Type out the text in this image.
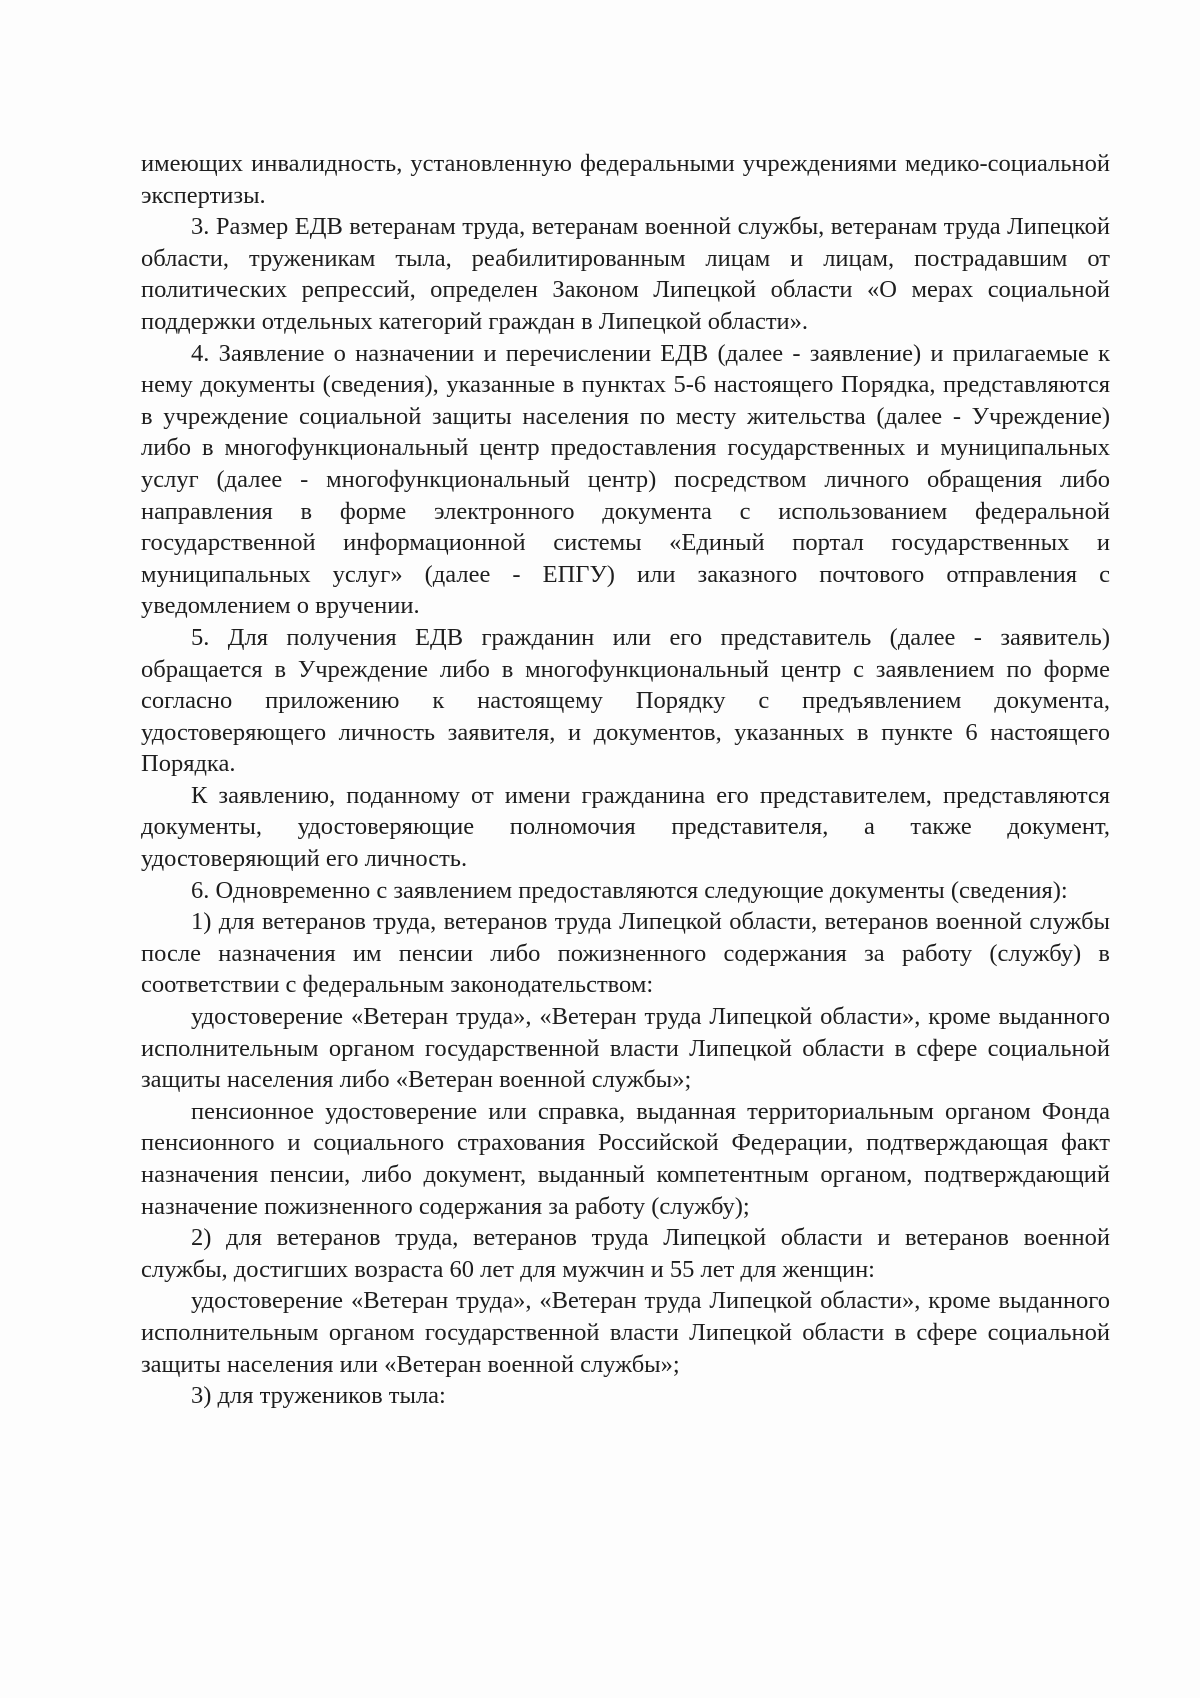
имеющих инвалидность, установленную федеральными учреждениями медико-социальной экспертизы.

3. Размер ЕДВ ветеранам труда, ветеранам военной службы, ветеранам труда Липецкой области, труженикам тыла, реабилитированным лицам и лицам, пострадавшим от политических репрессий, определен Законом Липецкой области «О мерах социальной поддержки отдельных категорий граждан в Липецкой области».

4. Заявление о назначении и перечислении ЕДВ (далее - заявление) и прилагаемые к нему документы (сведения), указанные в пунктах 5-6 настоящего Порядка, представляются в учреждение социальной защиты населения по месту жительства (далее - Учреждение) либо в многофункциональный центр предоставления государственных и муниципальных услуг (далее - многофункциональный центр) посредством личного обращения либо направления в форме электронного документа с использованием федеральной государственной информационной системы «Единый портал государственных и муниципальных услуг» (далее - ЕПГУ) или заказного почтового отправления с уведомлением о вручении.

5. Для получения ЕДВ гражданин или его представитель (далее - заявитель) обращается в Учреждение либо в многофункциональный центр с заявлением по форме согласно приложению к настоящему Порядку с предъявлением документа, удостоверяющего личность заявителя, и документов, указанных в пункте 6 настоящего Порядка.

К заявлению, поданному от имени гражданина его представителем, представляются документы, удостоверяющие полномочия представителя, а также документ, удостоверяющий его личность.

6. Одновременно с заявлением предоставляются следующие документы (сведения):

1) для ветеранов труда, ветеранов труда Липецкой области, ветеранов военной службы после назначения им пенсии либо пожизненного содержания за работу (службу) в соответствии с федеральным законодательством:

удостоверение «Ветеран труда», «Ветеран труда Липецкой области», кроме выданного исполнительным органом государственной власти Липецкой области в сфере социальной защиты населения либо «Ветеран военной службы»;

пенсионное удостоверение или справка, выданная территориальным органом Фонда пенсионного и социального страхования Российской Федерации, подтверждающая факт назначения пенсии, либо документ, выданный компетентным органом, подтверждающий назначение пожизненного содержания за работу (службу);

2) для ветеранов труда, ветеранов труда Липецкой области и ветеранов военной службы, достигших возраста 60 лет для мужчин и 55 лет для женщин:

удостоверение «Ветеран труда», «Ветеран труда Липецкой области», кроме выданного исполнительным органом государственной власти Липецкой области в сфере социальной защиты населения или «Ветеран военной службы»;

3) для тружеников тыла:
